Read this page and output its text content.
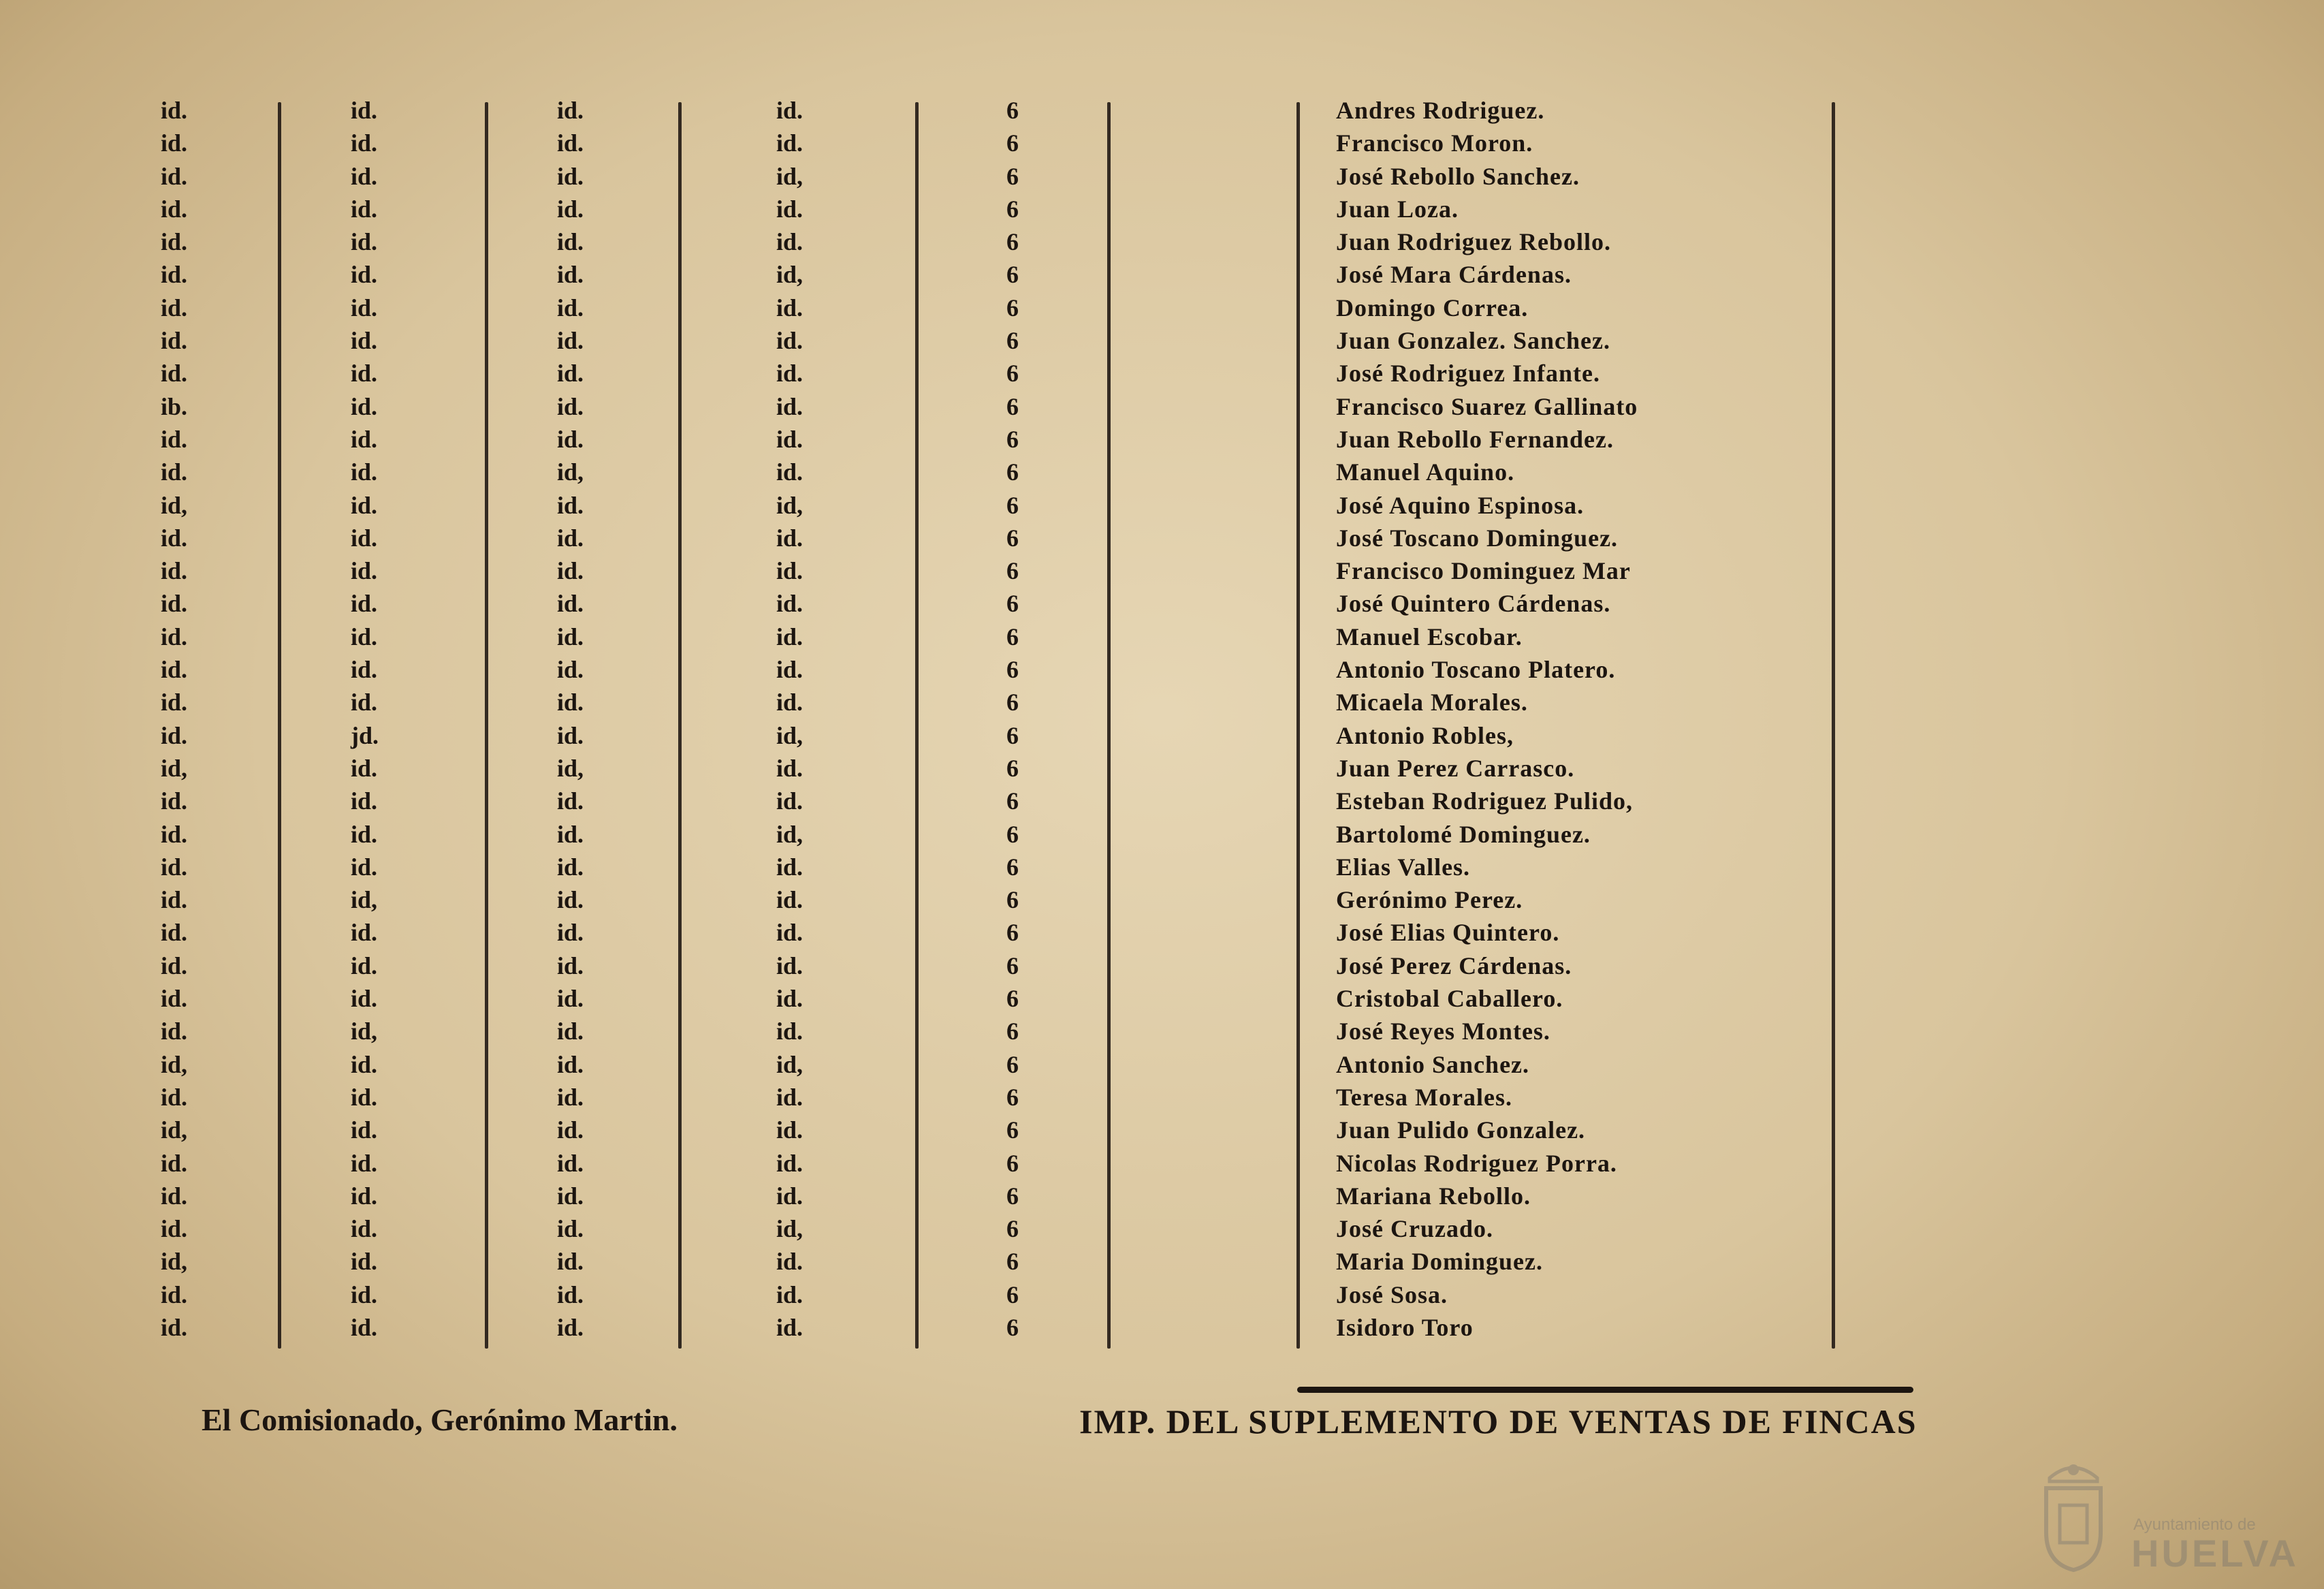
id.	id.	id.	id.	6	Andres Rodriguez.
id.	id.	id.	id.	6	Francisco Moron.
id.	id.	id.	id,	6	José Rebollo Sanchez.
id.	id.	id.	id.	6	Juan Loza.
id.	id.	id.	id.	6	Juan Rodriguez Rebollo.
id.	id.	id.	id,	6	José Mara Cárdenas.
id.	id.	id.	id.	6	Domingo Correa.
id.	id.	id.	id.	6	Juan Gonzalez. Sanchez.
id.	id.	id.	id.	6	José Rodriguez Infante.
ib.	id.	id.	id.	6	Francisco Suarez Gallinato
id.	id.	id.	id.	6	Juan Rebollo Fernandez.
id.	id.	id,	id.	6	Manuel Aquino.
id,	id.	id.	id,	6	José Aquino Espinosa.
id.	id.	id.	id.	6	José Toscano Dominguez.
id.	id.	id.	id.	6	Francisco Dominguez Mar
id.	id.	id.	id.	6	José Quintero Cárdenas.
id.	id.	id.	id.	6	Manuel Escobar.
id.	id.	id.	id.	6	Antonio Toscano Platero.
id.	id.	id.	id.	6	Micaela Morales.
id.	jd.	id.	id,	6	Antonio Robles,
id,	id.	id,	id.	6	Juan Perez Carrasco.
id.	id.	id.	id.	6	Esteban Rodriguez Pulido,
id.	id.	id.	id,	6	Bartolomé Dominguez.
id.	id.	id.	id.	6	Elias Valles.
id.	id,	id.	id.	6	Gerónimo Perez.
id.	id.	id.	id.	6	José Elias Quintero.
id.	id.	id.	id.	6	José Perez Cárdenas.
id.	id.	id.	id.	6	Cristobal Caballero.
id.	id,	id.	id.	6	José Reyes Montes.
id,	id.	id.	id,	6	Antonio Sanchez.
id.	id.	id.	id.	6	Teresa Morales.
id,	id.	id.	id.	6	Juan Pulido Gonzalez.
id.	id.	id.	id.	6	Nicolas Rodriguez Porra.
id.	id.	id.	id.	6	Mariana Rebollo.
id.	id.	id.	id,	6	José Cruzado.
id,	id.	id.	id.	6	Maria Dominguez.
id.	id.	id.	id.	6	José Sosa.
id.	id.	id.	id.	6	Isidoro Toro
El Comisionado, Gerónimo Martin.	IMP. DEL SUPLEMENTO DE VENTAS DE FINCAS
Ayuntamiento de
HUELVA
